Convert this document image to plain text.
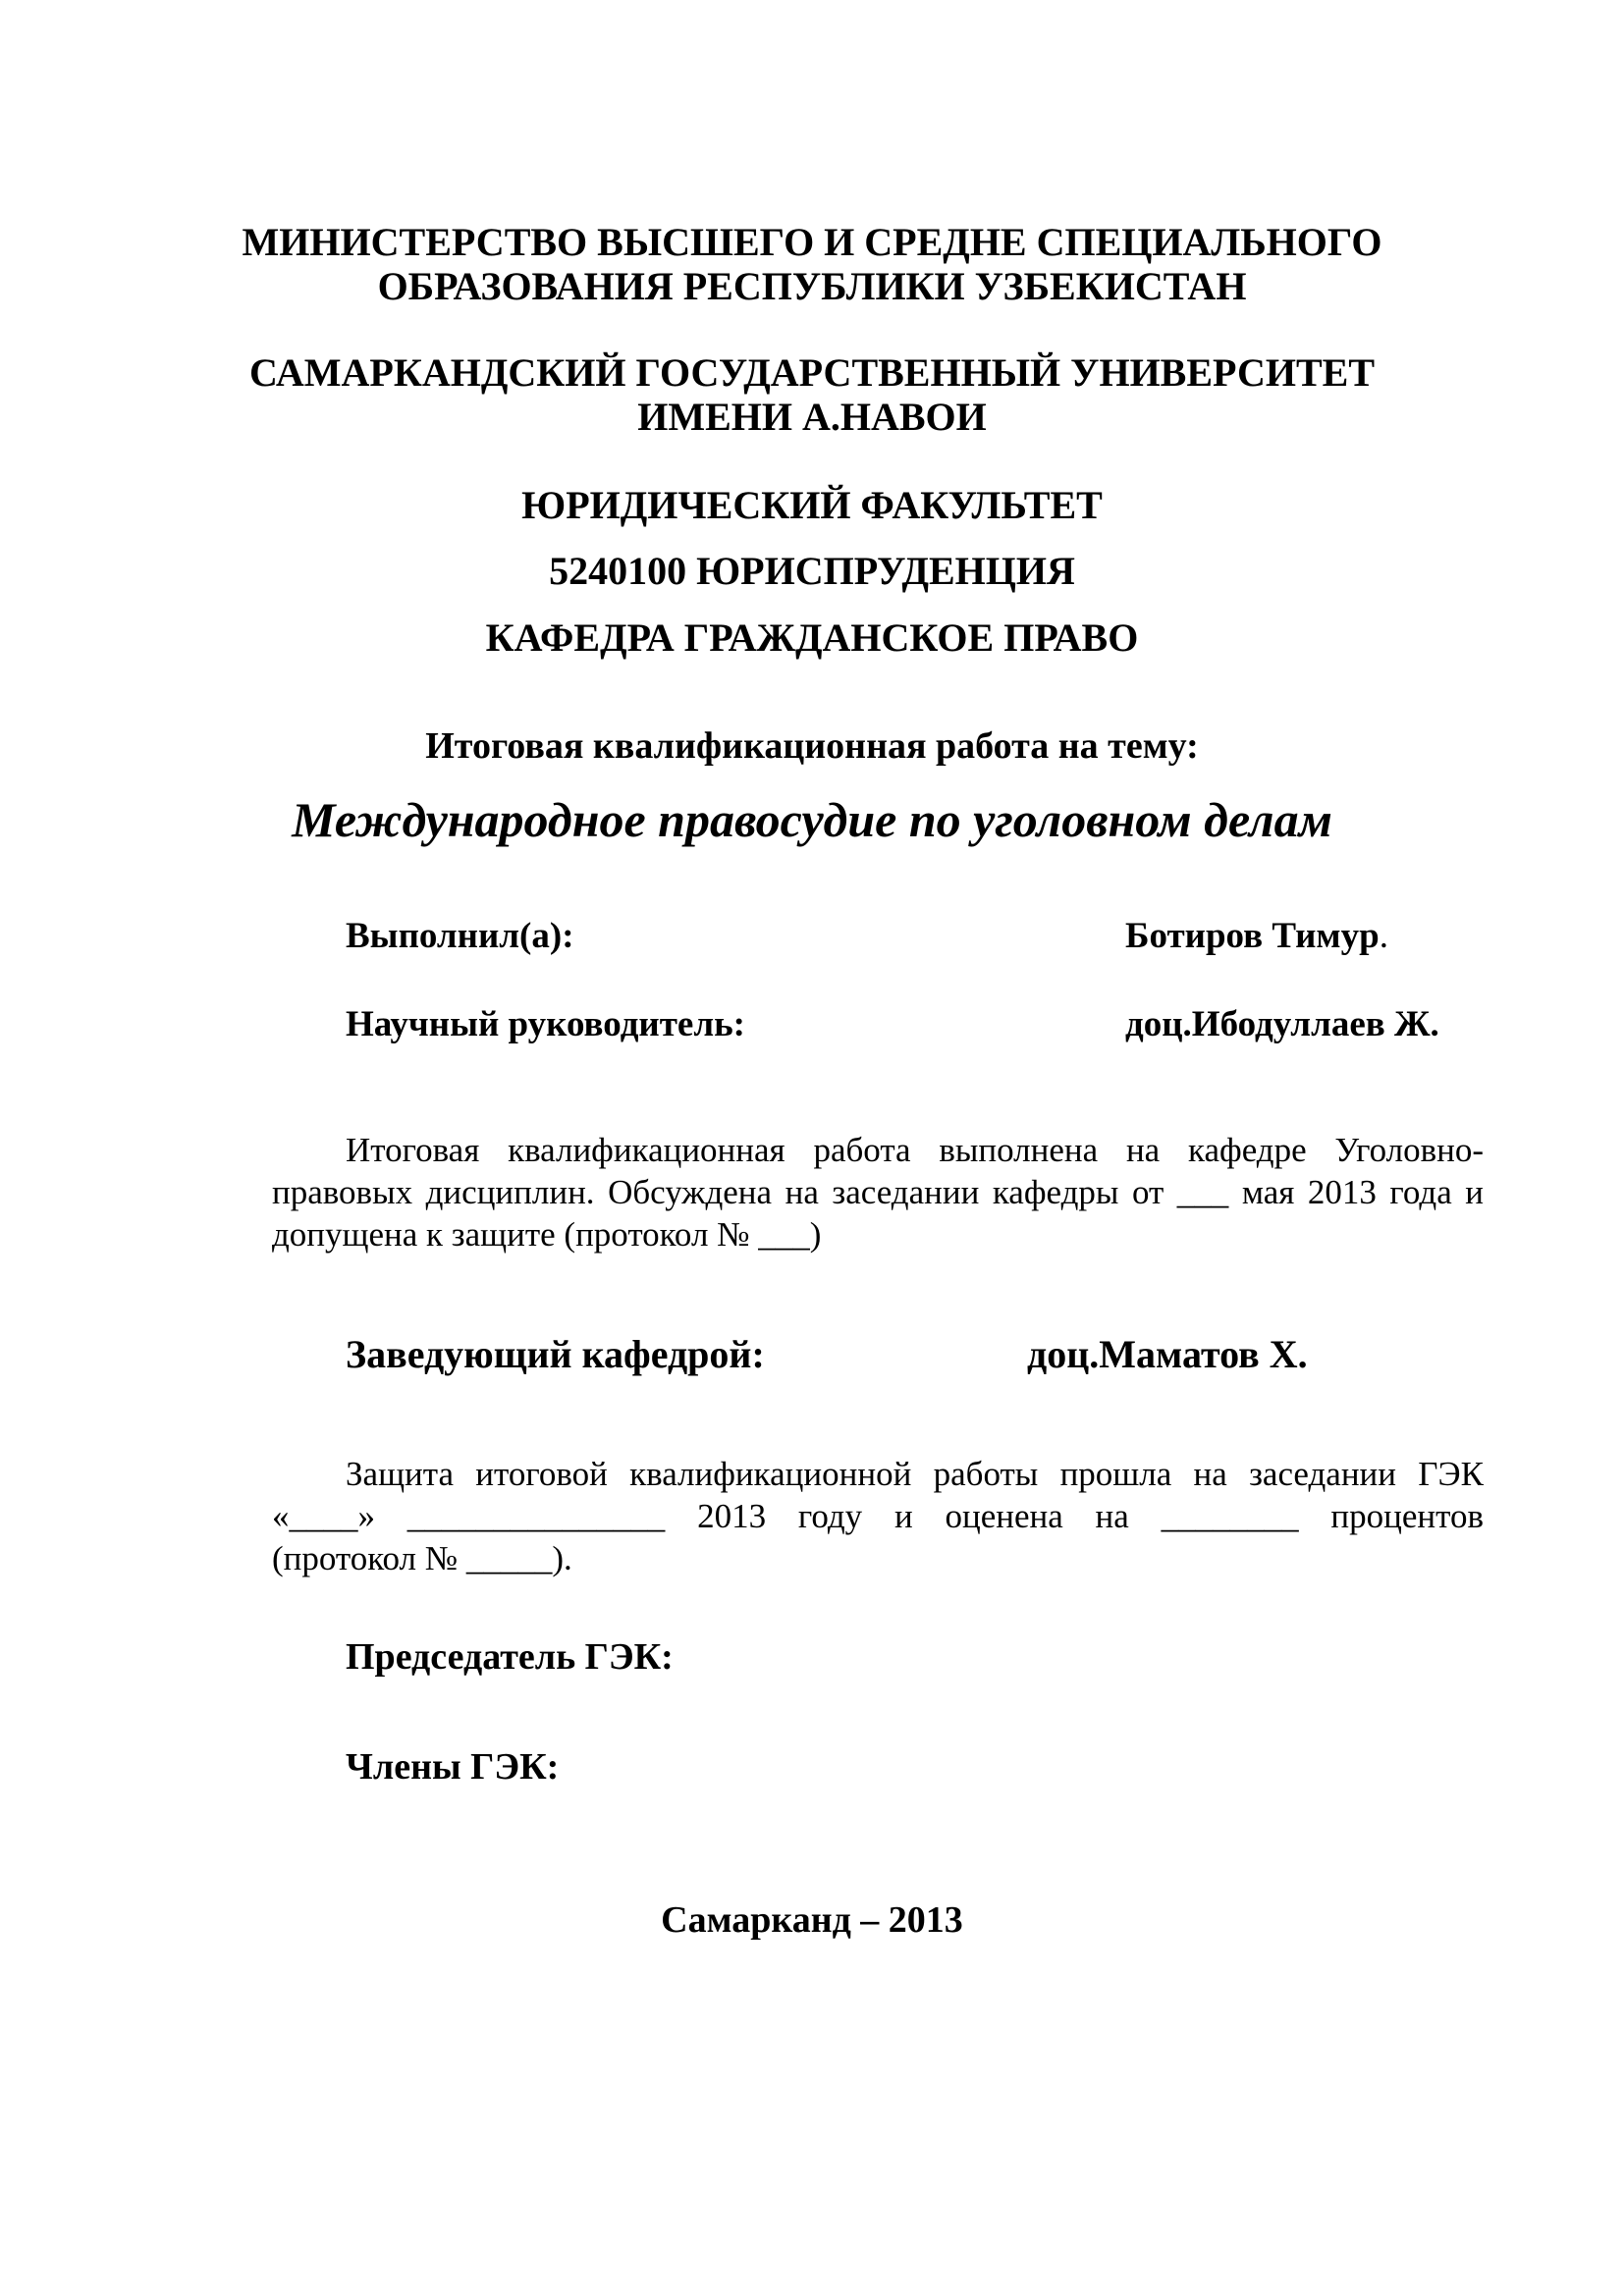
МИНИСТЕРСТВО ВЫСШЕГО И СРЕДНЕ СПЕЦИАЛЬНОГО
ОБРАЗОВАНИЯ РЕСПУБЛИКИ УЗБЕКИСТАН
САМАРКАНДСКИЙ ГОСУДАРСТВЕННЫЙ УНИВЕРСИТЕТ
ИМЕНИ А.НАВОИ
ЮРИДИЧЕСКИЙ ФАКУЛЬТЕТ
5240100 ЮРИСПРУДЕНЦИЯ
КАФЕДРА ГРАЖДАНСКОЕ ПРАВО
Итоговая квалификационная работа на тему:
Международное правосудие по уголовном делам
Выполнил(а):	Ботиров Тимур.
Научный руководитель:	доц.Ибодуллаев Ж.
Итоговая квалификационная работа выполнена на кафедре Уголовно-
правовых дисциплин. Обсуждена на заседании кафедры от ___ мая 2013 года и
допущена к защите (протокол № ___)
Заведующий кафедрой:	доц.Маматов Х.
Защита итоговой квалификационной работы прошла на заседании ГЭК
«____» _______________ 2013 году и оценена на ________ процентов
(протокол № _____).
Председатель ГЭК:
Члены ГЭК:
Самарканд – 2013
